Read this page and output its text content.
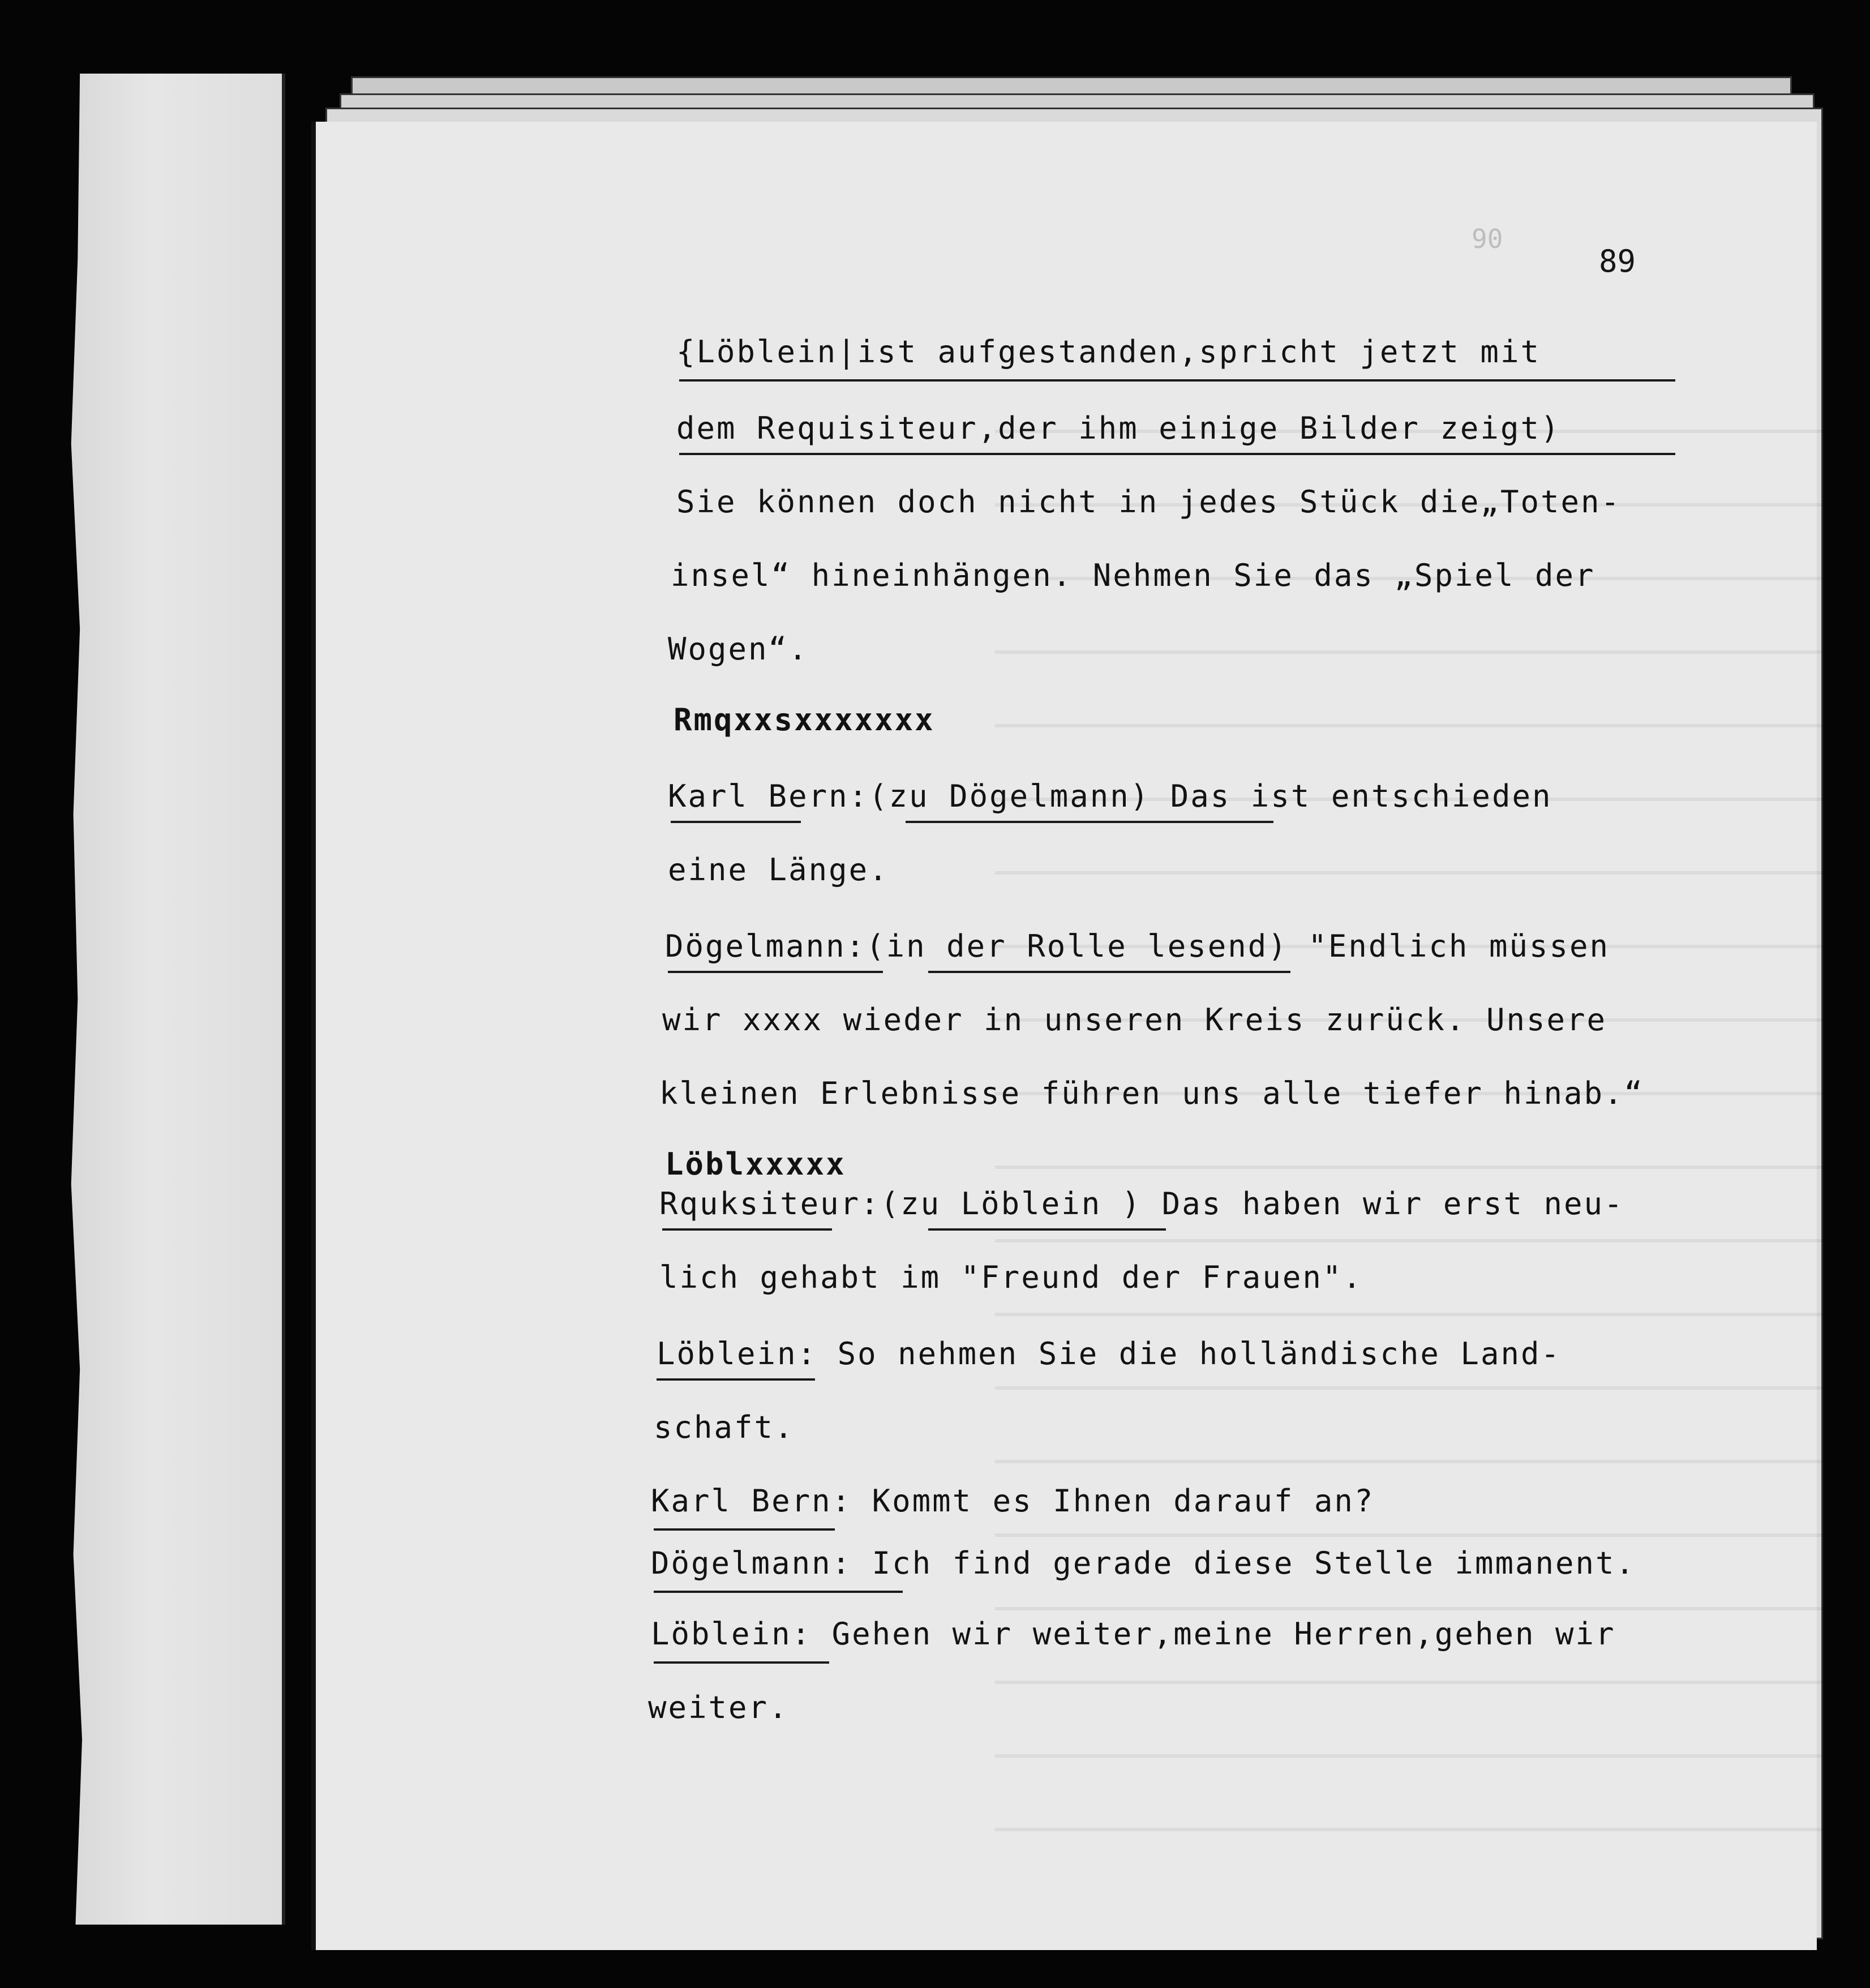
90
89
{Löblein|ist aufgestanden,spricht jetzt mit
dem Requisiteur,der ihm einige Bilder zeigt)
Sie können doch nicht in jedes Stück die„Toten-
insel“ hineinhängen. Nehmen Sie das „Spiel der
Wogen“.
Rmqxxsxxxxxxx
Karl Bern:(zu Dögelmann) Das ist entschieden
eine Länge.
Dögelmann:(in der Rolle lesend) "Endlich müssen
wir xxxx wieder in unseren Kreis zurück. Unsere
kleinen Erlebnisse führen uns alle tiefer hinab.“
Löblxxxxx
Rquksiteur:(zu Löblein ) Das haben wir erst neu-
lich gehabt im "Freund der Frauen".
Löblein: So nehmen Sie die holländische Land-
schaft.
Karl Bern: Kommt es Ihnen darauf an?
Dögelmann: Ich find gerade diese Stelle immanent.
Löblein: Gehen wir weiter,meine Herren,gehen wir
weiter.
